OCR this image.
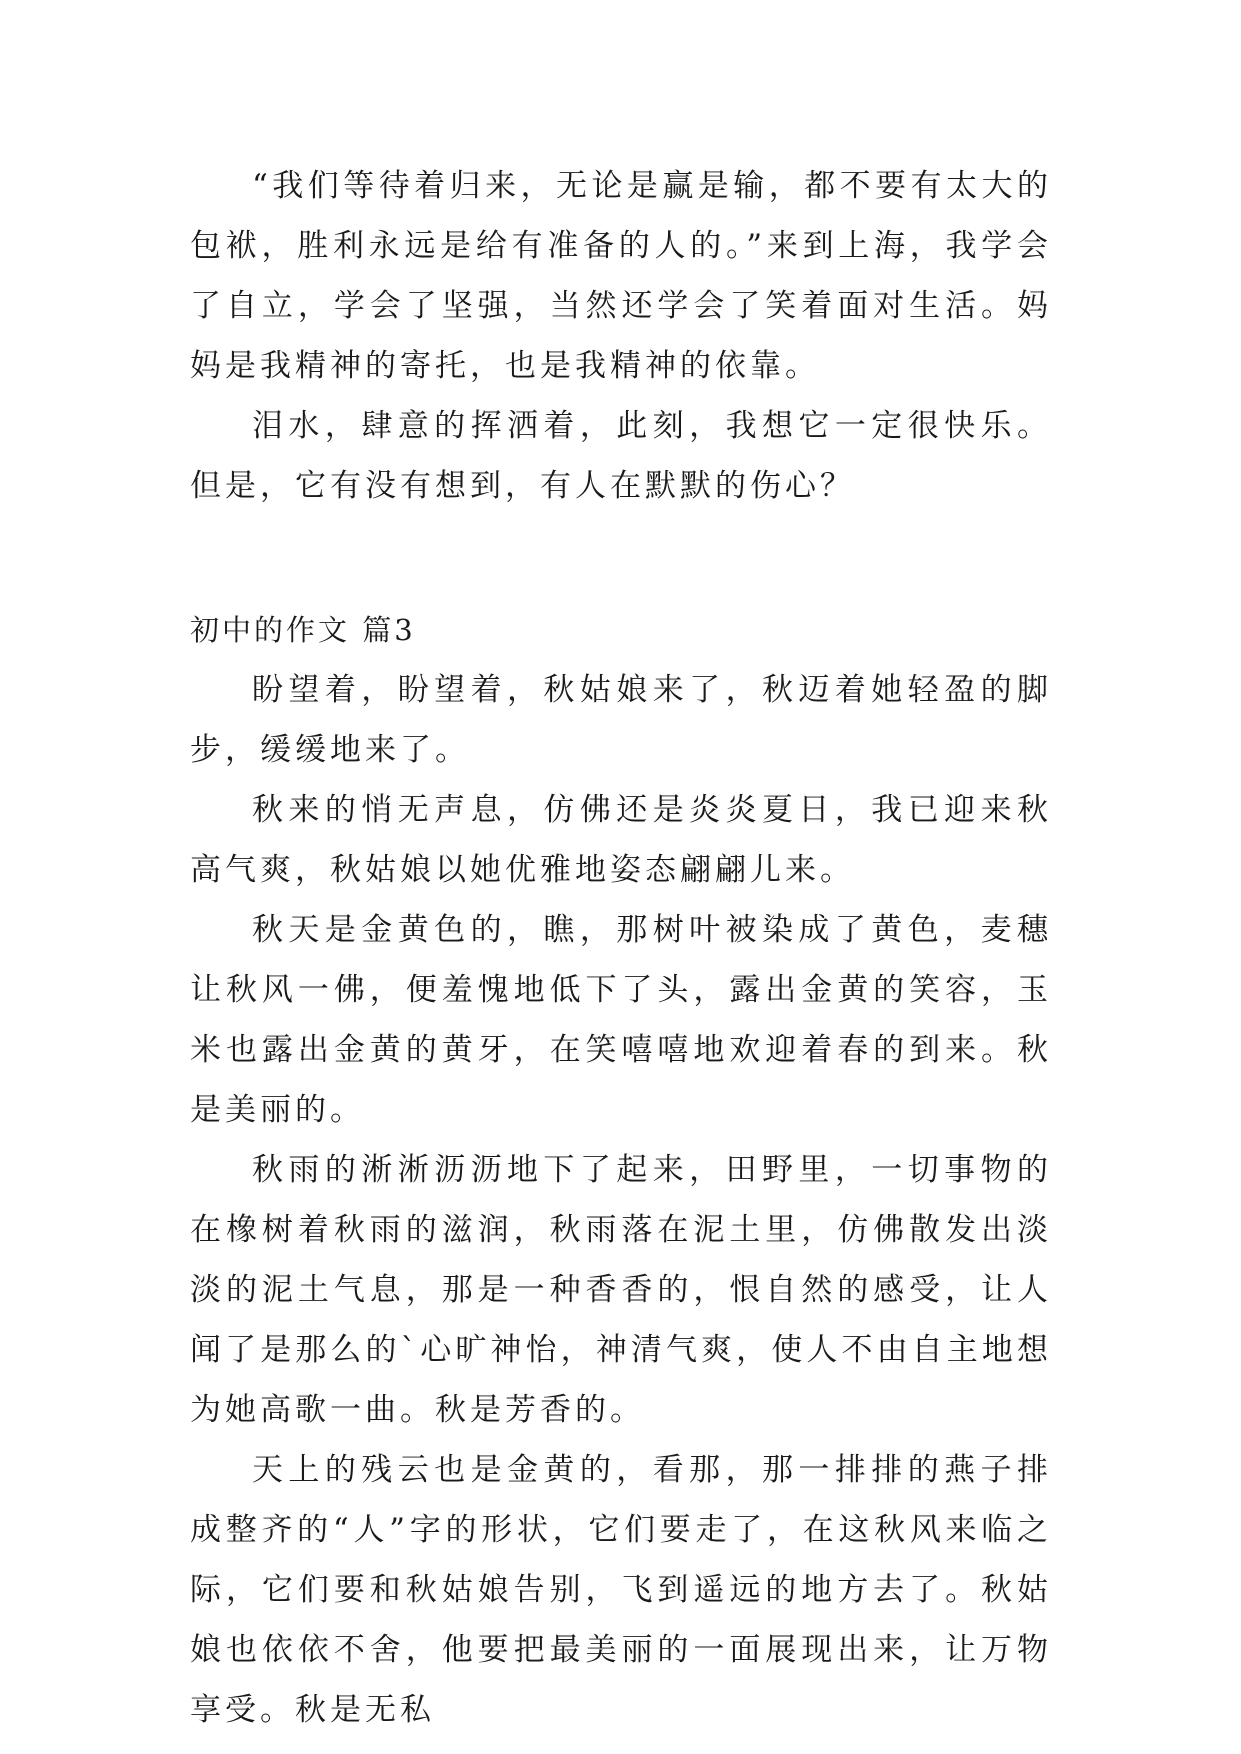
“我们等待着归来，无论是赢是输，都不要有太大的包袱，胜利永远是给有准备的人的。”来到上海，我学会了自立，学会了坚强，当然还学会了笑着面对生活。妈妈是我精神的寄托，也是我精神的依靠。

泪水，肆意的挥洒着，此刻，我想它一定很快乐。但是，它有没有想到，有人在默默的伤心？

初中的作文 篇3

盼望着，盼望着，秋姑娘来了，秋迈着她轻盈的脚步，缓缓地来了。

秋来的悄无声息，仿佛还是炎炎夏日，我已迎来秋高气爽，秋姑娘以她优雅地姿态翩翩儿来。

秋天是金黄色的，瞧，那树叶被染成了黄色，麦穗让秋风一佛，便羞愧地低下了头，露出金黄的笑容，玉米也露出金黄的黄牙，在笑嘻嘻地欢迎着春的到来。秋是美丽的。

秋雨的淅淅沥沥地下了起来，田野里，一切事物的在橡树着秋雨的滋润，秋雨落在泥土里，仿佛散发出淡淡的泥土气息，那是一种香香的，恨自然的感受，让人闻了是那么的`心旷神怡，神清气爽，使人不由自主地想为她高歌一曲。秋是芳香的。

天上的残云也是金黄的，看那，那一排排的燕子排成整齐的“人”字的形状，它们要走了，在这秋风来临之际，它们要和秋姑娘告别，飞到遥远的地方去了。秋姑娘也依依不舍，他要把最美丽的一面展现出来，让万物享受。秋是无私
